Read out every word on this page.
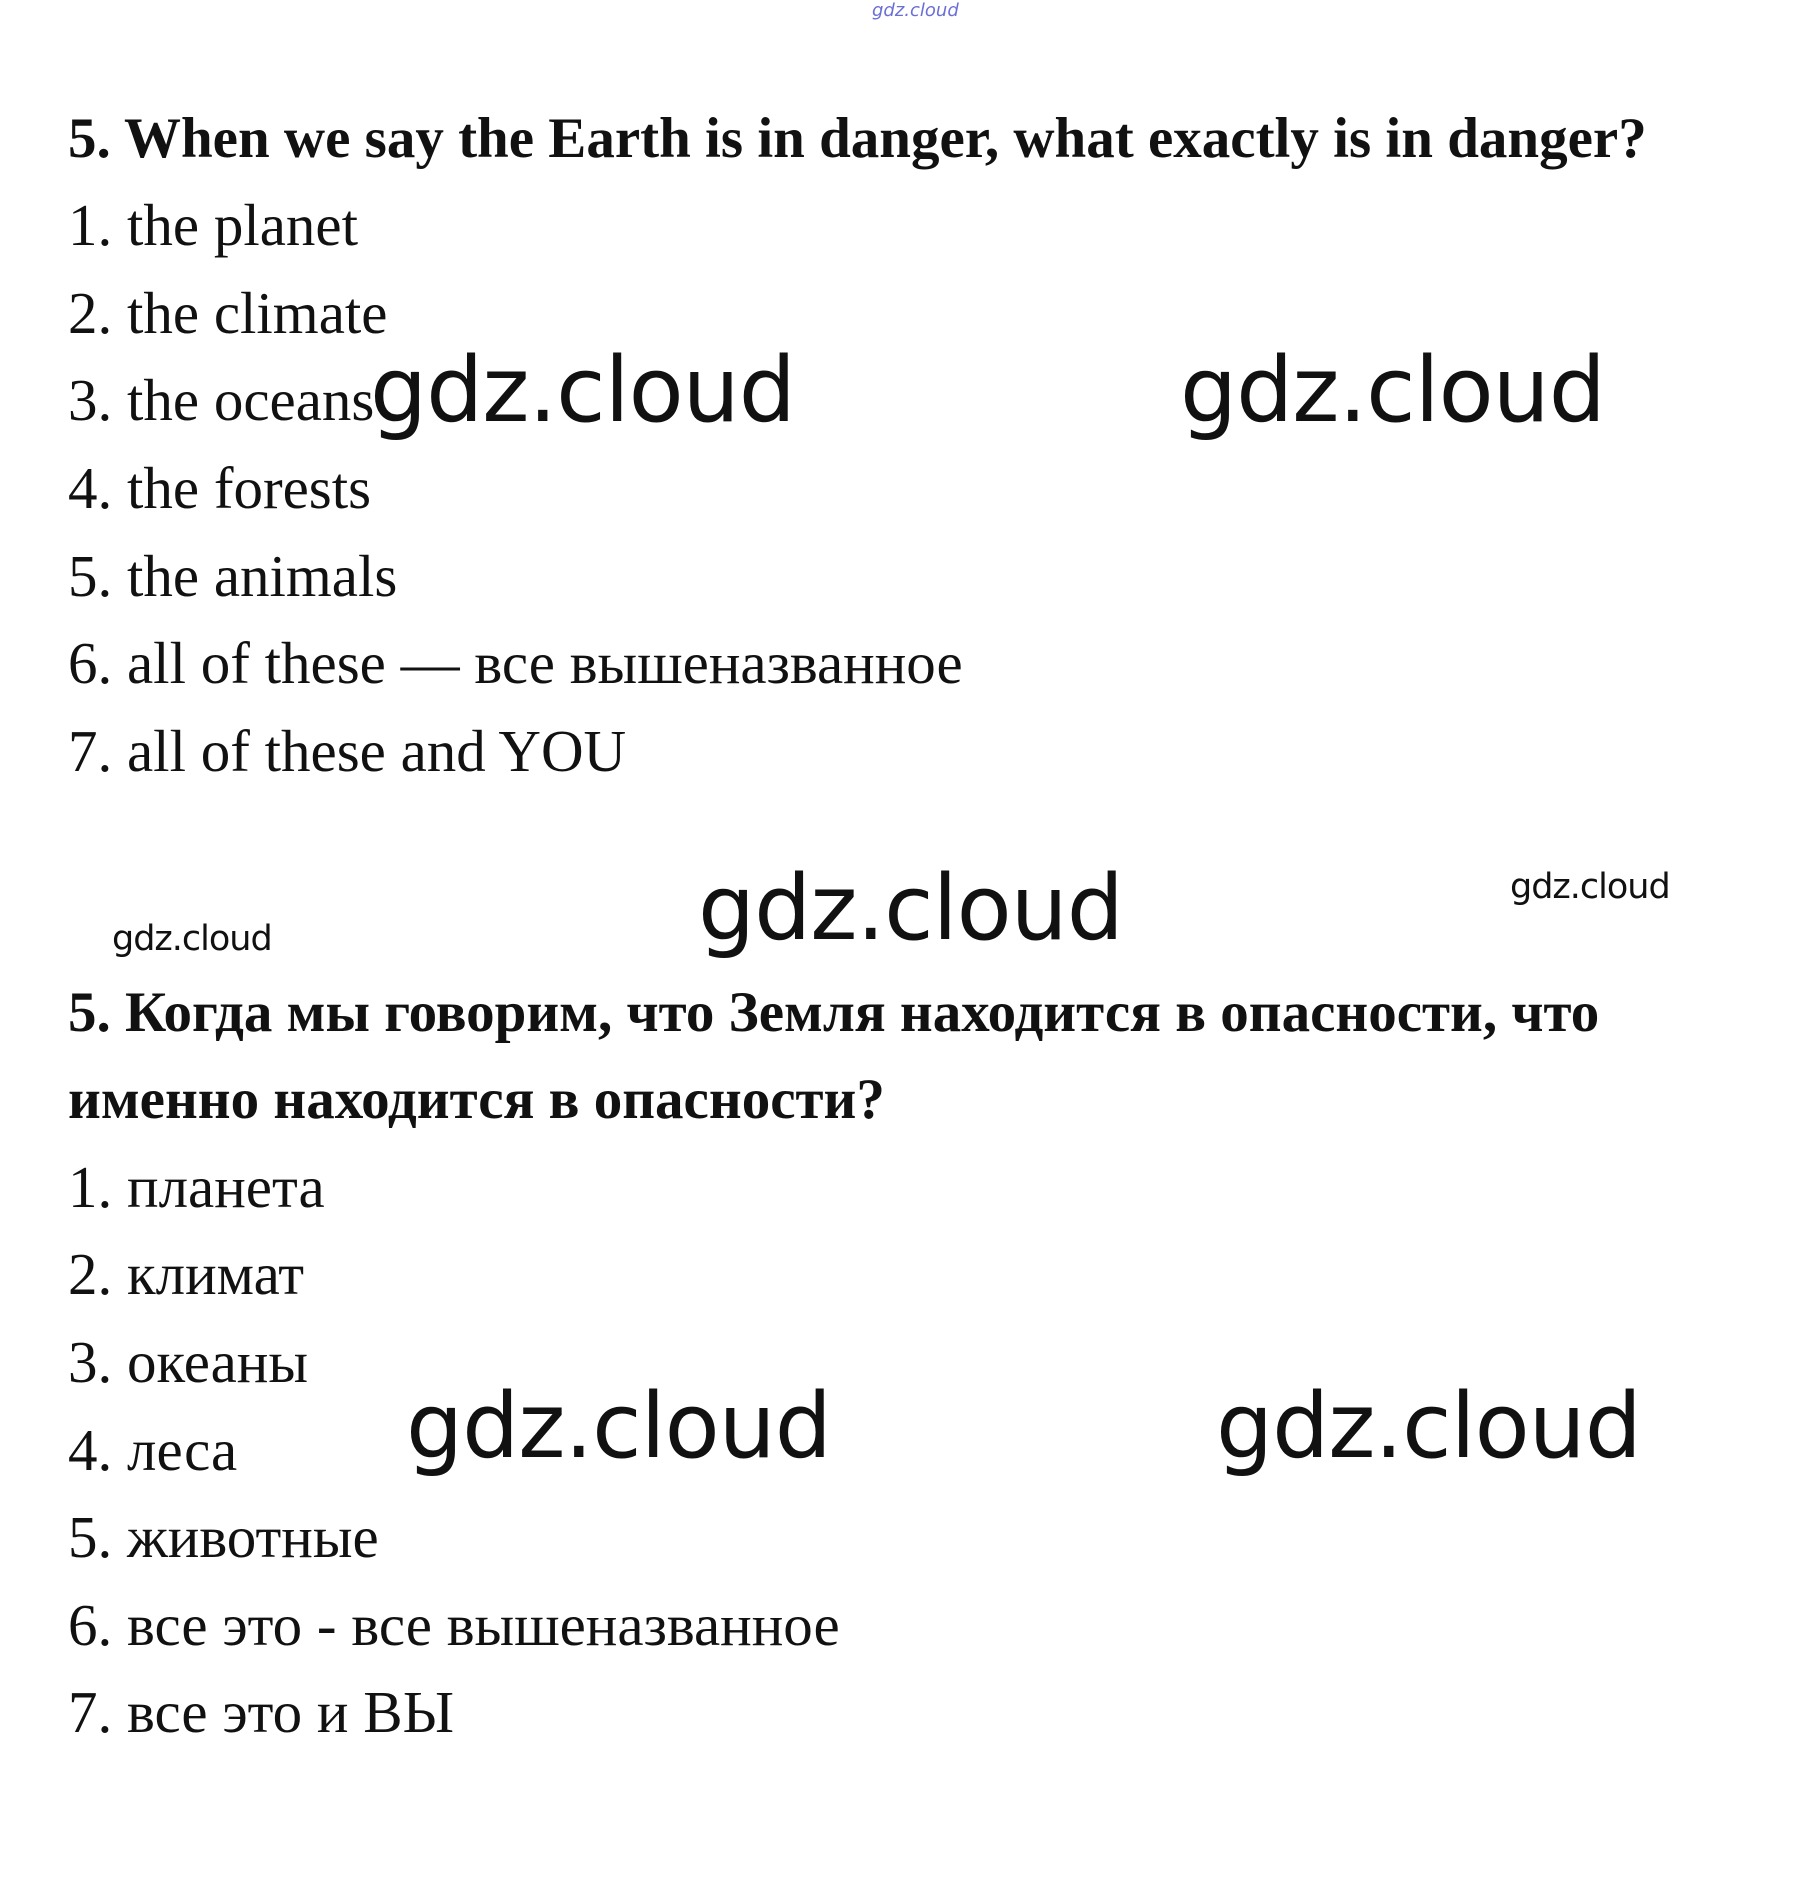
gdz.cloud
5. When we say the Earth is in danger, what exactly is in danger?
1. the planet
2. the climate
3. the oceans
4. the forests
5. the animals
6. all of these — все вышеназванное
7. all of these and YOU
gdz.cloud	gdz.cloud
gdz.cloud	gdz.cloud
gdz.cloud
5. Когда мы говорим, что Земля находится в опасности, что
именно находится в опасности?
1. планета
2. климат
3. океаны
4. леса
5. животные
6. все это - все вышеназванное
7. все это и ВЫ
gdz.cloud	gdz.cloud
